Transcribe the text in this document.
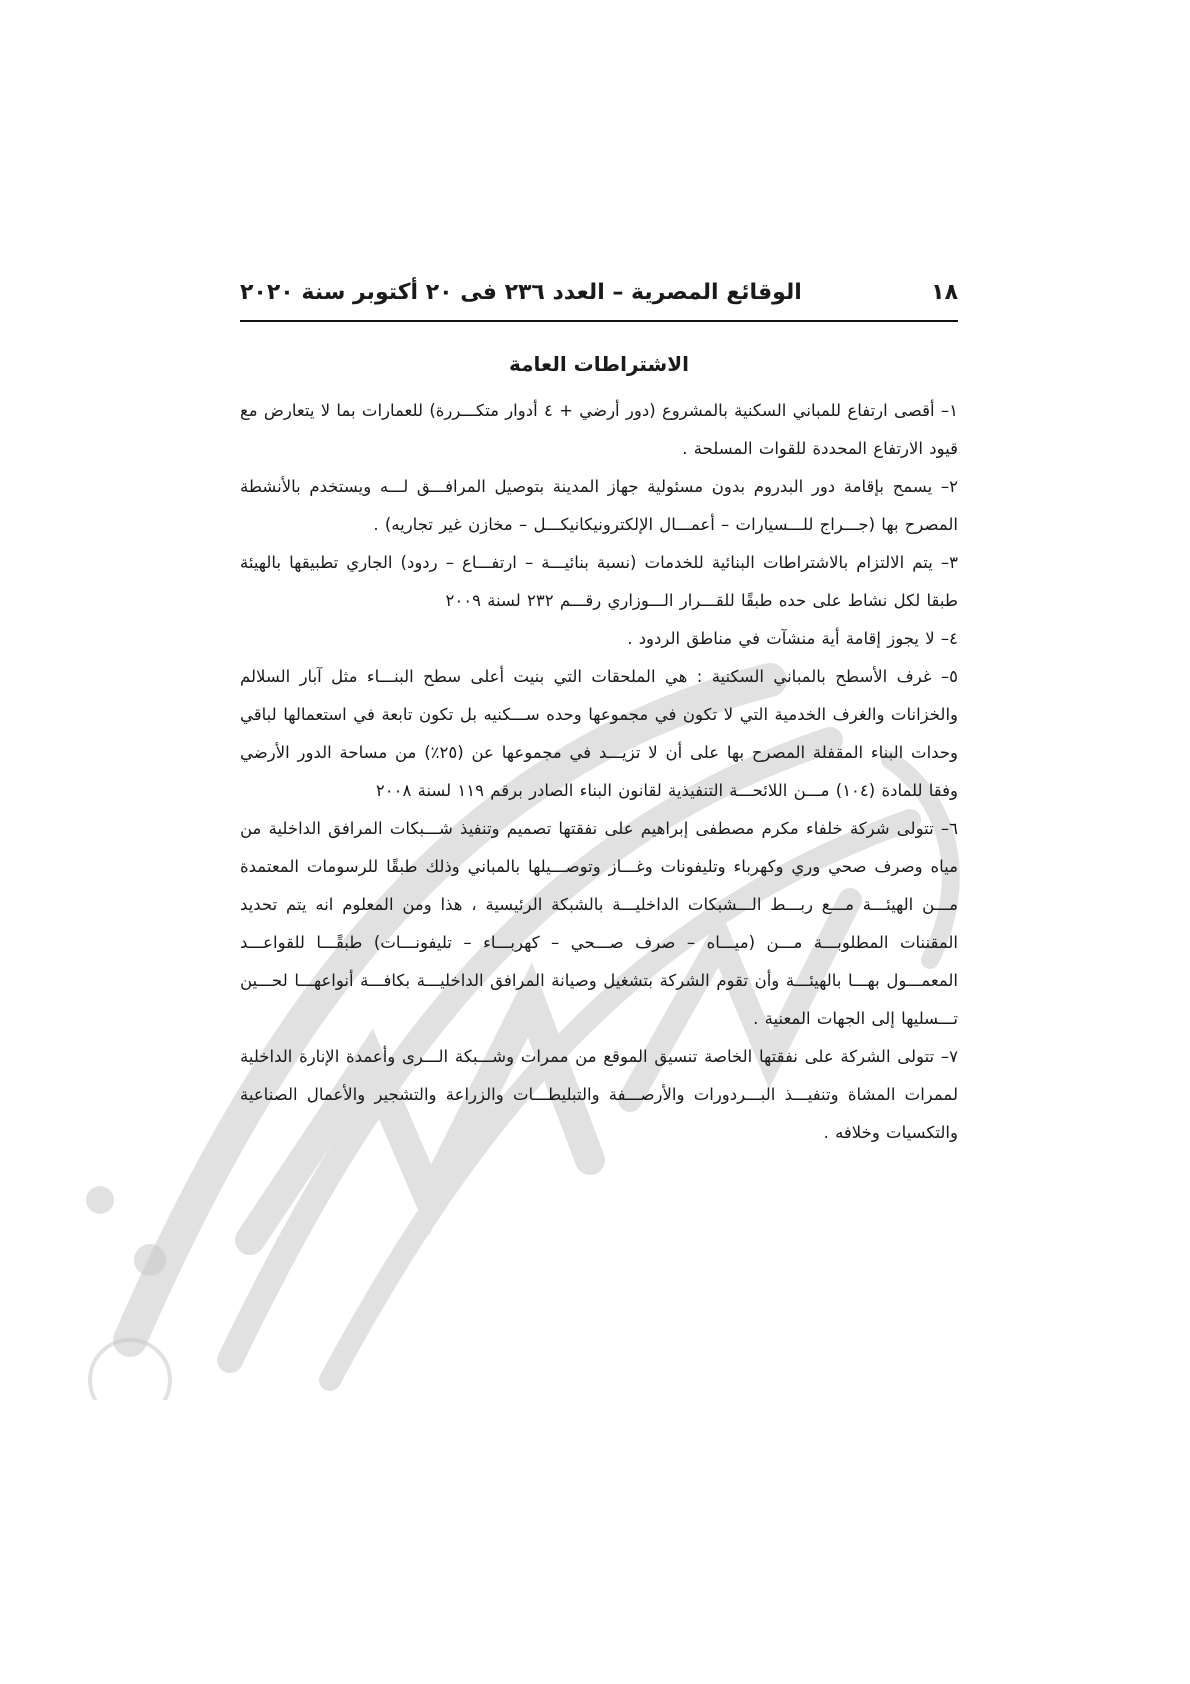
١٨
الوقائع المصرية – العدد ٢٣٦ فى ٢٠ أكتوبر سنة ٢٠٢٠
الاشتراطات العامة

١– أقصى ارتفاع للمباني السكنية بالمشروع (دور أرضي + ٤ أدوار متكـــررة) للعمارات بما لا يتعارض مع قيود الارتفاع المحددة للقوات المسلحة .

٢– يسمح بإقامة دور البدروم بدون مسئولية جهاز المدينة بتوصيل المرافـــق لـــه ويستخدم بالأنشطة المصرح بها (جـــراج للـــسيارات – أعمـــال الإلكترونيكانيكـــل – مخازن غير تجاريه) .

٣– يتم الالتزام بالاشتراطات البنائية للخدمات (نسبة بنائيـــة – ارتفـــاع – ردود) الجاري تطبيقها بالهيئة طبقا لكل نشاط على حده طبقًا للقـــرار الـــوزاري رقـــم ٢٣٢ لسنة ٢٠٠٩

٤– لا يجوز إقامة أية منشآت في مناطق الردود .

٥– غرف الأسطح بالمباني السكنية : هي الملحقات التي بنيت أعلى سطح البنـــاء مثل آبار السلالم والخزانات والغرف الخدمية التي لا تكون في مجموعها وحده ســـكنيه بل تكون تابعة في استعمالها لباقي وحدات البناء المقفلة المصرح بها على أن لا تزيـــد في مجموعها عن (٢٥٪) من مساحة الدور الأرضي وفقا للمادة (١٠٤) مـــن اللائحـــة التنفيذية لقانون البناء الصادر برقم ١١٩ لسنة ٢٠٠٨

٦– تتولى شركة خلفاء مكرم مصطفى إبراهيم على نفقتها تصميم وتنفيذ شـــبكات المرافق الداخلية من مياه وصرف صحي وري وكهرباء وتليفونات وغـــاز وتوصـــيلها بالمباني وذلك طبقًا للرسومات المعتمدة مـــن الهيئـــة مـــع ربـــط الـــشبكات الداخليـــة بالشبكة الرئيسية ، هذا ومن المعلوم انه يتم تحديد المقننات المطلوبـــة مـــن (ميـــاه – صرف صـــحي – كهربـــاء – تليفونـــات) طبقًـــا للقواعـــد المعمـــول بهـــا بالهيئـــة وأن تقوم الشركة بتشغيل وصيانة المرافق الداخليـــة بكافـــة أنواعهـــا لحـــين تـــسليها إلى الجهات المعنية .

٧– تتولى الشركة على نفقتها الخاصة تنسيق الموقع من ممرات وشـــبكة الـــرى وأعمدة الإنارة الداخلية لممرات المشاة وتنفيـــذ البـــردورات والأرصـــفة والتبليطـــات والزراعة والتشجير والأعمال الصناعية والتكسيات وخلافه .
